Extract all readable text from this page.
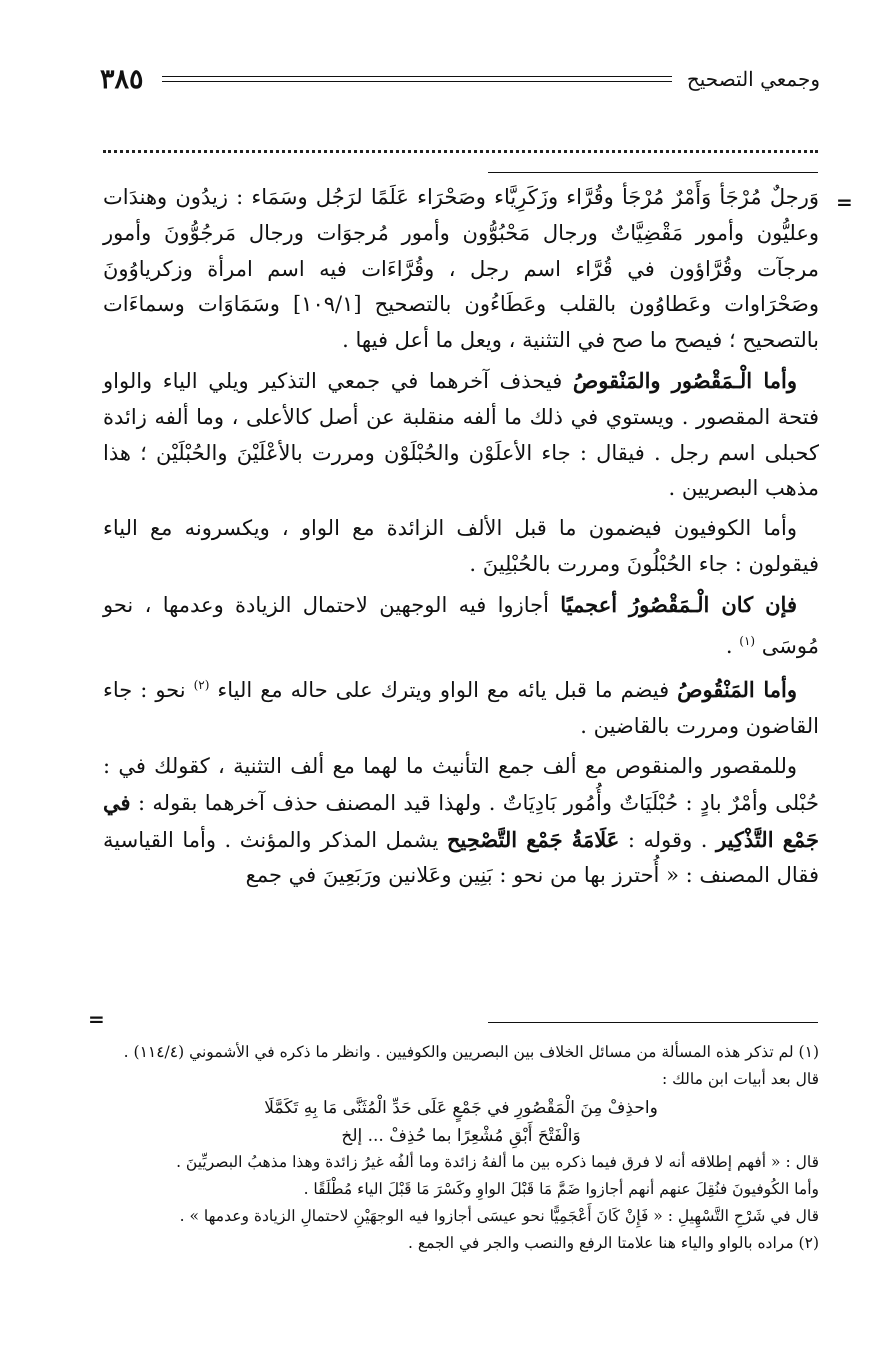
٣٨٥	وجمعي التصحيح
=

وَرجلٌ مُرْجَأ وَأَمْرٌ مُرْجَأ وقُرَّاء وزَكَرِيَّاء وصَحْرَاء عَلَمًا لرَجُل وسَمَاء : زيدُون وهندَات وعليُّون وأمور مَقْضِيَّاتٌ ورجال مَحْبُوُّون وأمور مُرجوَات ورجال مَرجُوُّونَ وأمور مرجآت وقُرَّاؤون في قُرَّاء اسم رجل ، وقُرَّاءَات فيه اسم امرأة وزكرياوُونَ وصَحْرَاوات وعَطاوُون بالقلب وعَطَاءُون بالتصحيح [١٠٩/١] وسَمَاوَات وسماءَات بالتصحيح ؛ فيصح ما صح في التثنية ، ويعل ما أعل فيها .

وأما الْـمَقْصُور والمَنْقوصُ فيحذف آخرهما في جمعي التذكير ويلي الياء والواو فتحة المقصور . ويستوي في ذلك ما ألفه منقلبة عن أصل كالأعلى ، وما ألفه زائدة كحبلى اسم رجل . فيقال : جاء الأعلَوْن والحُبْلَوْن ومررت بالأعْلَيْنَ والحُبْلَيْن ؛ هذا مذهب البصريين .

وأما الكوفيون فيضمون ما قبل الألف الزائدة مع الواو ، ويكسرونه مع الياء فيقولون : جاء الحُبْلُونَ ومررت بالحُبْلِينَ .

فإن كان الْـمَقْصُورُ أعجميًا أجازوا فيه الوجهين لاحتمال الزيادة وعدمها ، نحو مُوسَى $^{(١)}$ .

وأما المَنْقُوصُ فيضم ما قبل يائه مع الواو ويترك على حاله مع الياء $^{(٢)}$ نحو : جاء القاضون ومررت بالقاضين .

وللمقصور والمنقوص مع ألف جمع التأنيث ما لهما مع ألف التثنية ، كقولك في : حُبْلى وأمْرٌ بادٍ : حُبْلَيَاتٌ وأُمُور بَادِيَاتٌ . ولهذا قيد المصنف حذف آخرهما بقوله : في جَمْع التَّذْكِير . وقوله : عَلَامَةُ جَمْع التَّصْحِيح يشمل المذكر والمؤنث . وأما القياسية فقال المصنف : « أُحترز بها من نحو : بَنِين وعَلانين ورَبَعِينَ في جمع

=

(١) لم تذكر هذه المسألة من مسائل الخلاف بين البصريين والكوفيين . وانظر ما ذكره في الأشموني (١١٤/٤) .

قال بعد أبيات ابن مالك :

واحذِفْ مِنَ الْمَقْصُورِ في جَمْعٍ عَلَى حَدِّ الْمُثَنَّى مَا بِهِ تَكَمَّلَا
وَالْفَتْحَ أَبْقِ مُشْعِرًا بما حُذِفْ ... إلخ

قال : « أفهم إطلاقه أنه لا فرق فيما ذكره بين ما ألفهُ زائدة وما ألفُه غيرُ زائدة وهذا مذهبُ البصريِّينَ .

وأما الكُوفيونَ فنُقِلَ عنهم أنهم أجازوا ضَمَّ مَا قَبْلَ الواوِ وكَسْرَ مَا قَبْلَ الياء مُطْلَقًا .

قال في شَرْحِ التَّسْهِيلِ : « فَإِنْ كَانَ أَعْجَمِيًّا نحو عيسَى أجازوا فيه الوجهَيْنِ لاحتمالِ الزيادة وعدمها » .

(٢) مراده بالواو والياء هنا علامتا الرفع والنصب والجر في الجمع .
